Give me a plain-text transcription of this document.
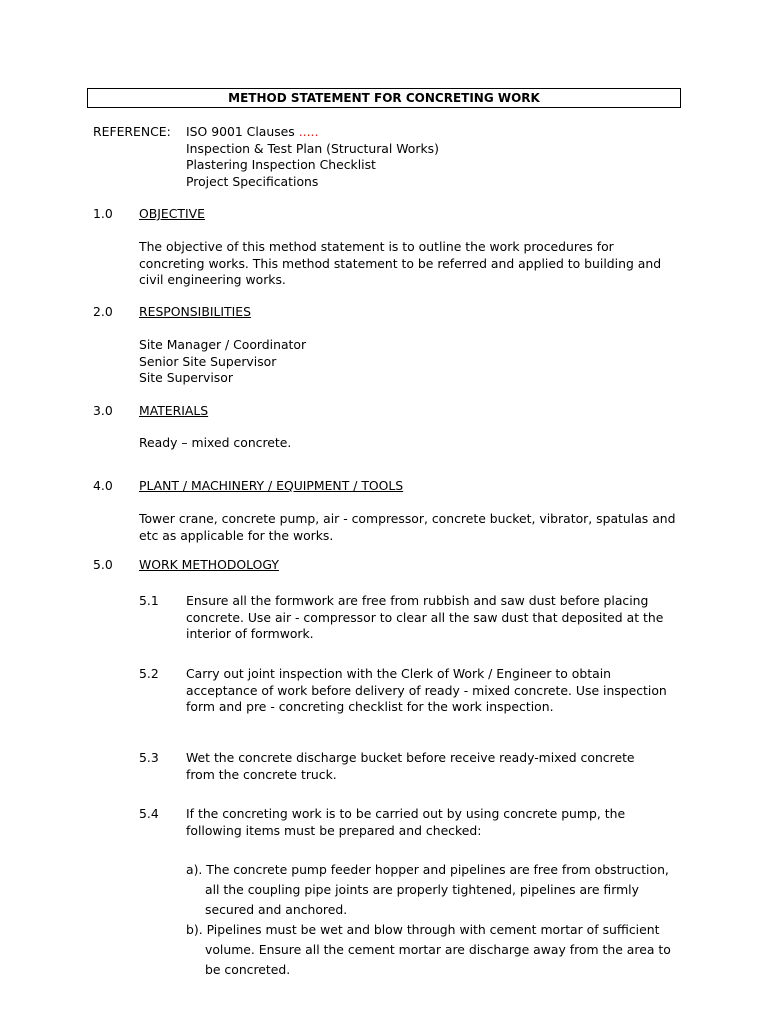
METHOD STATEMENT FOR CONCRETING WORK
REFERENCE: ISO 9001 Clauses .....
Inspection & Test Plan (Structural Works)
Plastering Inspection Checklist
Project Specifications
1.0 OBJECTIVE
The objective of this method statement is to outline the work procedures for concreting works. This method statement to be referred and applied to building and civil engineering works.
2.0 RESPONSIBILITIES
Site Manager / Coordinator
Senior Site Supervisor
Site Supervisor
3.0 MATERIALS
Ready – mixed concrete.
4.0 PLANT / MACHINERY / EQUIPMENT / TOOLS
Tower crane, concrete pump, air - compressor, concrete bucket, vibrator, spatulas and etc as applicable for the works.
5.0 WORK METHODOLOGY
5.1 Ensure all the formwork are free from rubbish and saw dust before placing concrete. Use air - compressor to clear all the saw dust that deposited at the interior of formwork.
5.2 Carry out joint inspection with the Clerk of Work / Engineer to obtain acceptance of work before delivery of ready - mixed concrete. Use inspection form and pre - concreting checklist for the work inspection.
5.3 Wet the concrete discharge bucket before receive ready-mixed concrete from the concrete truck.
5.4 If the concreting work is to be carried out by using concrete pump, the following items must be prepared and checked:
a). The concrete pump feeder hopper and pipelines are free from obstruction, all the coupling pipe joints are properly tightened, pipelines are firmly secured and anchored.
b). Pipelines must be wet and blow through with cement mortar of sufficient volume. Ensure all the cement mortar are discharge away from the area to be concreted.
